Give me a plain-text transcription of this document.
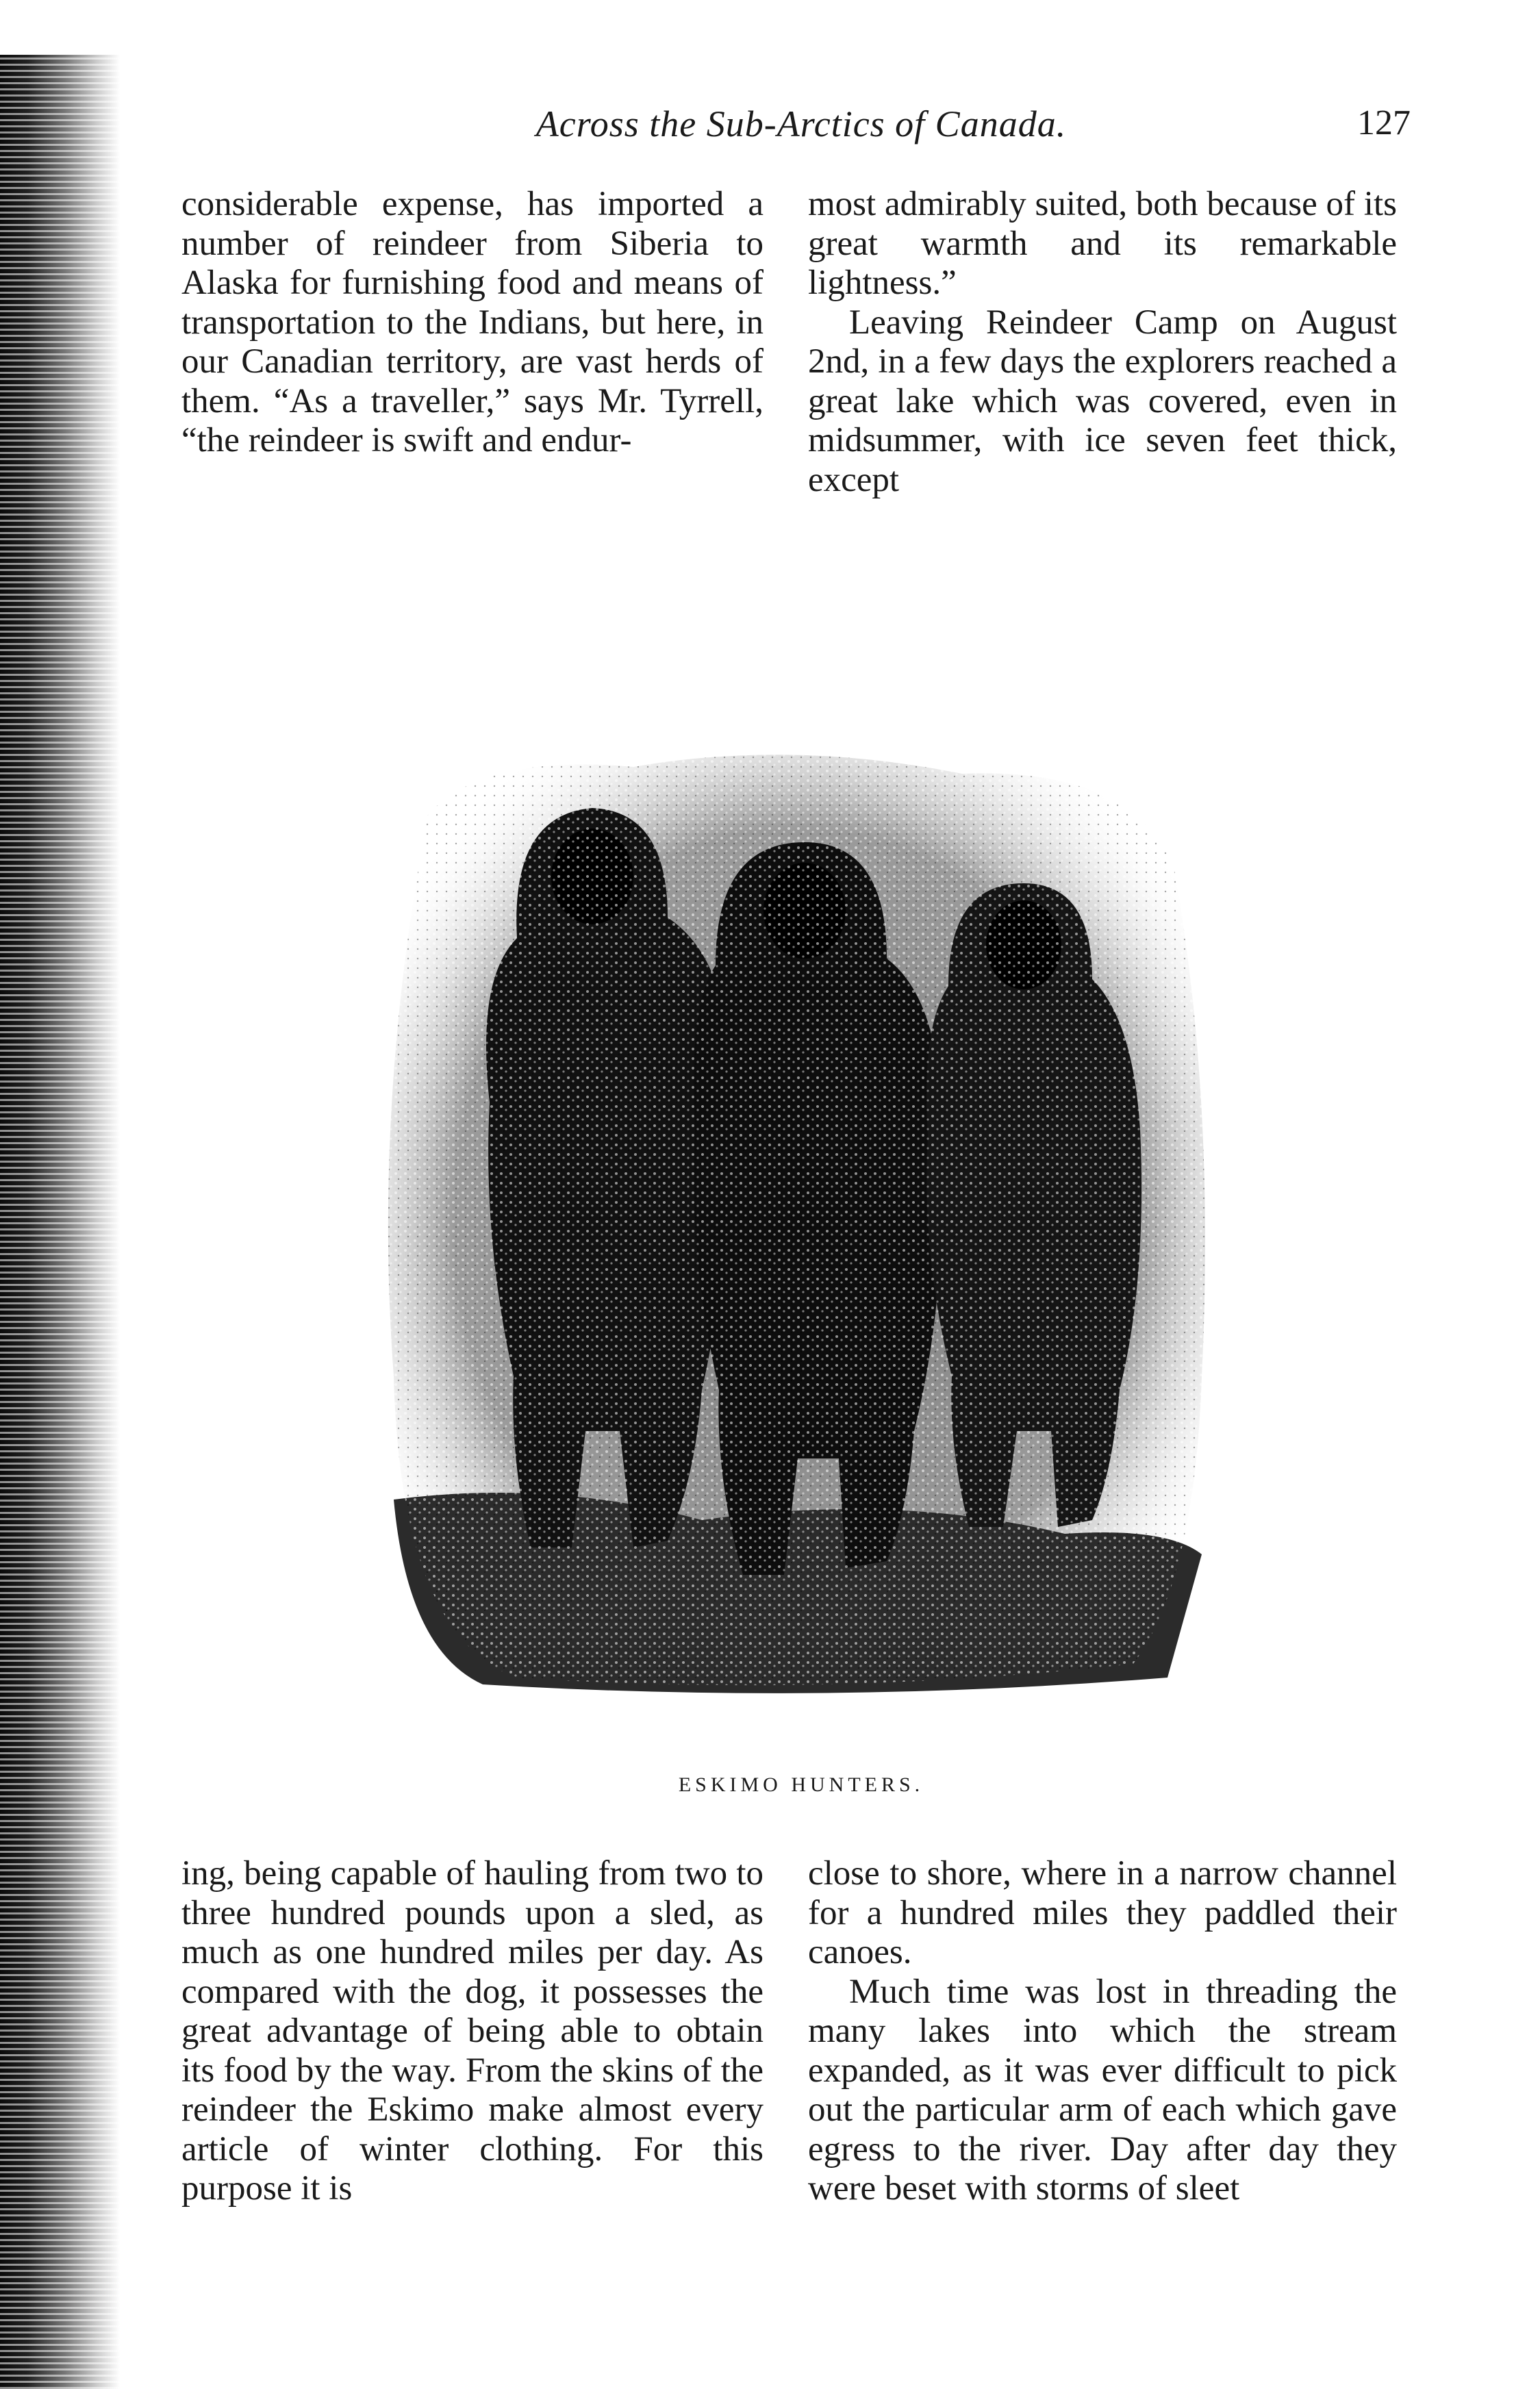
Across the Sub-Arctics of Canada.	127

considerable expense, has imported a number of reindeer from Siberia to Alaska for furnishing food and means of transportation to the Indians, but here, in our Canadian territory, are vast herds of them. “As a traveller,” says Mr. Tyrrell, “the reindeer is swift and endur-

most admirably suited, both because of its great warmth and its remarkable lightness.”

Leaving Reindeer Camp on August 2nd, in a few days the explorers reached a great lake which was covered, even in midsummer, with ice seven feet thick, except

ESKIMO HUNTERS.

ing, being capable of hauling from two to three hundred pounds upon a sled, as much as one hundred miles per day. As compared with the dog, it possesses the great advantage of being able to obtain its food by the way. From the skins of the reindeer the Eskimo make almost every article of winter clothing. For this purpose it is

close to shore, where in a narrow channel for a hundred miles they paddled their canoes.

Much time was lost in threading the many lakes into which the stream expanded, as it was ever difficult to pick out the particular arm of each which gave egress to the river. Day after day they were beset with storms of sleet
